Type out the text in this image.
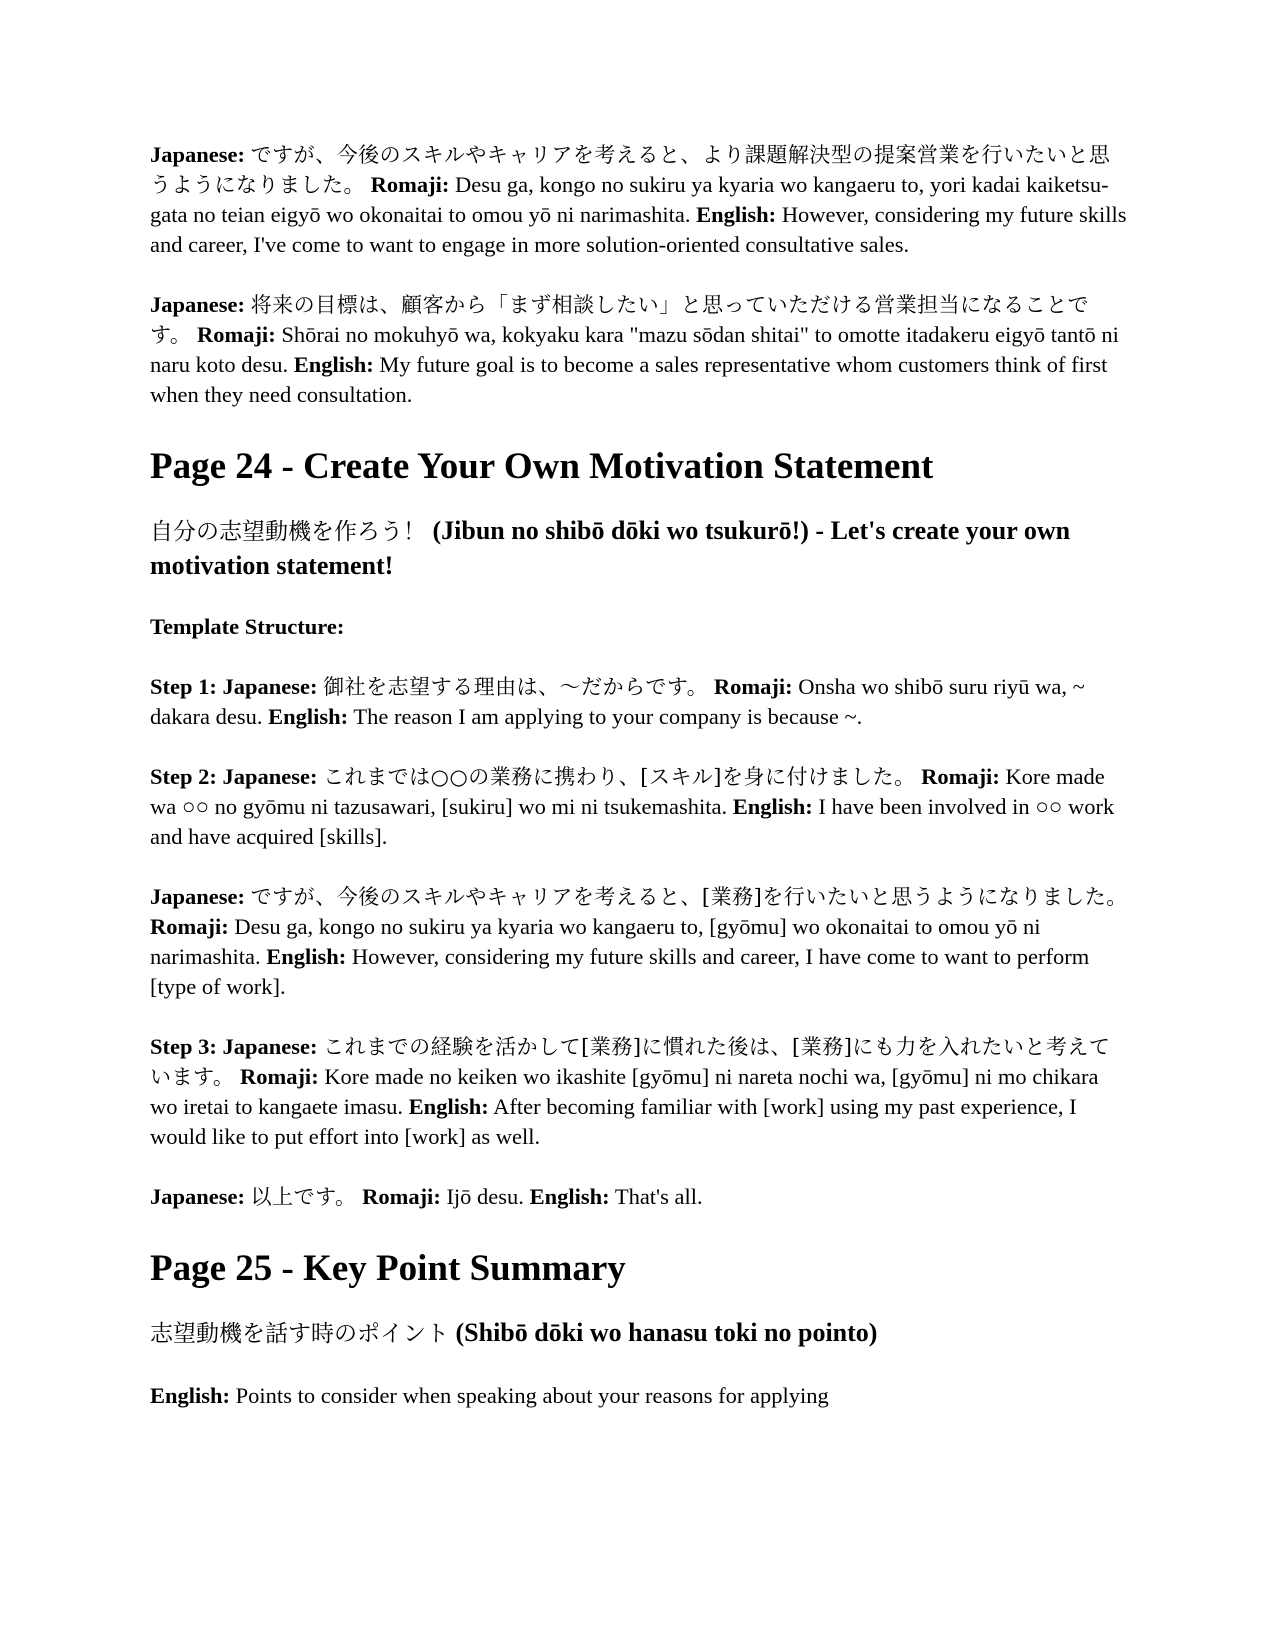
Japanese: ですが、今後のスキルやキャリアを考えると、より課題解決型の提案営業を行いたいと思うようになりました。 Romaji: Desu ga, kongo no sukiru ya kyaria wo kangaeru to, yori kadai kaiketsu-gata no teian eigyō wo okonaitai to omou yō ni narimashita. English: However, considering my future skills and career, I've come to want to engage in more solution-oriented consultative sales.

Japanese: 将来の目標は、顧客から「まず相談したい」と思っていただける営業担当になることです。 Romaji: Shōrai no mokuhyō wa, kokyaku kara "mazu sōdan shitai" to omotte itadakeru eigyō tantō ni naru koto desu. English: My future goal is to become a sales representative whom customers think of first when they need consultation.

Page 24 - Create Your Own Motivation Statement
自分の志望動機を作ろう！ (Jibun no shibō dōki wo tsukurō!) - Let's create your own motivation statement!
Template Structure:

Step 1: Japanese: 御社を志望する理由は、〜だからです。 Romaji: Onsha wo shibō suru riyū wa, ~ dakara desu. English: The reason I am applying to your company is because ~.

Step 2: Japanese: これまでは○○の業務に携わり、[スキル]を身に付けました。 Romaji: Kore made wa ○○ no gyōmu ni tazusawari, [sukiru] wo mi ni tsukemashita. English: I have been involved in ○○ work and have acquired [skills].

Japanese: ですが、今後のスキルやキャリアを考えると、[業務]を行いたいと思うようになりました。 Romaji: Desu ga, kongo no sukiru ya kyaria wo kangaeru to, [gyōmu] wo okonaitai to omou yō ni narimashita. English: However, considering my future skills and career, I have come to want to perform [type of work].

Step 3: Japanese: これまでの経験を活かして[業務]に慣れた後は、[業務]にも力を入れたいと考えています。 Romaji: Kore made no keiken wo ikashite [gyōmu] ni nareta nochi wa, [gyōmu] ni mo chikara wo iretai to kangaete imasu. English: After becoming familiar with [work] using my past experience, I would like to put effort into [work] as well.

Japanese: 以上です。 Romaji: Ijō desu. English: That's all.

Page 25 - Key Point Summary
志望動機を話す時のポイント (Shibō dōki wo hanasu toki no pointo)

English: Points to consider when speaking about your reasons for applying
